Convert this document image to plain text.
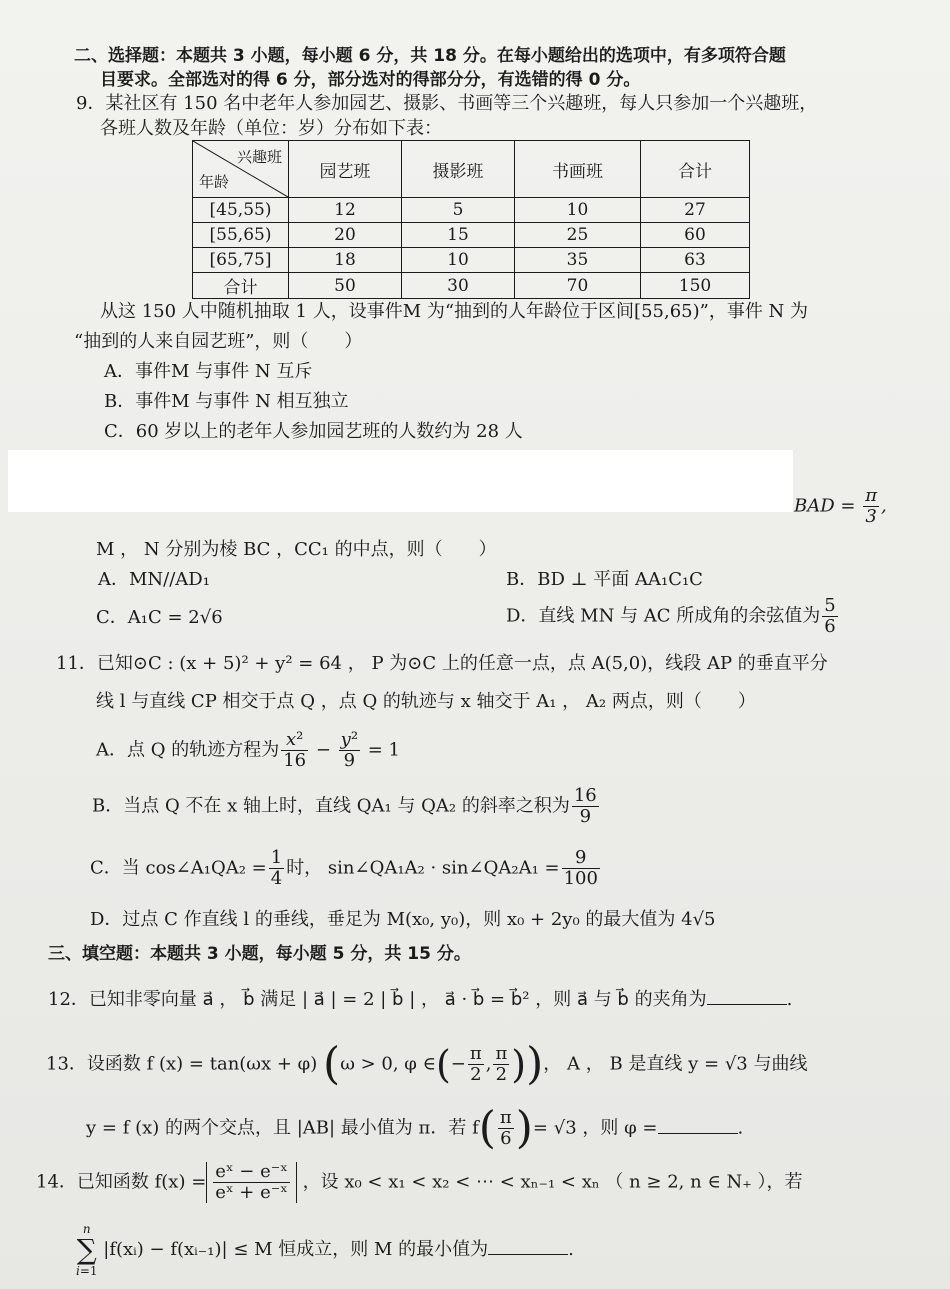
二、选择题：本题共 3 小题，每小题 6 分，共 18 分。在每小题给出的选项中，有多项符合题
目要求。全部选对的得 6 分，部分选对的得部分分，有选错的得 0 分。
9．某社区有 150 名中老年人参加园艺、摄影、书画等三个兴趣班，每人只参加一个兴趣班，
各班人数及年龄（单位：岁）分布如下表：
兴趣班
年龄	园艺班	摄影班	书画班	合计
[45,55)	12	5	10	27
[55,65)	20	15	25	60
[65,75]	18	10	35	63
合计	50	30	70	150
从这 150 人中随机抽取 1 人，设事件M 为“抽到的人年龄位于区间[55,65)”，事件 N 为
“抽到的人来自园艺班”，则（　　）
A．事件M 与事件 N 互斥
B．事件M 与事件 N 相互独立
C．60 岁以上的老年人参加园艺班的人数约为 28 人
BAD = $\frac{\pi}{3}$ ,
M ， N 分别为棱 BC ，CC₁ 的中点，则（　　）
A．MN//AD₁	B．BD ⊥ 平面 AA₁C₁C
C．A₁C = 2√6	D．直线 MN 与 AC 所成角的余弦值为 $\frac{5}{6}$
11．已知⊙C : (x + 5)² + y² = 64 ， P 为⊙C 上的任意一点，点 A(5,0)，线段 AP 的垂直平分
线 l 与直线 CP 相交于点 Q ，点 Q 的轨迹与 x 轴交于 A₁ ， A₂ 两点，则（　　）
A．点 Q 的轨迹方程为 $\frac{\text{x²}}{16} - \frac{\text{y²}}{9} = 1$
B．当点 Q 不在 x 轴上时，直线 QA₁ 与 QA₂ 的斜率之积为 $\frac{16}{9}$
C．当 cos∠A₁QA₂ = $\frac{1}{4}$ 时， sin∠QA₁A₂ · sin∠QA₂A₁ = $\frac{9}{100}$
D．过点 C 作直线 l 的垂线，垂足为 M(x₀, y₀)，则 x₀ + 2y₀ 的最大值为 4√5
三、填空题：本题共 3 小题，每小题 5 分，共 15 分。
12．已知非零向量 a⃗ ， b⃗ 满足 | a⃗ | = 2 | b⃗ | ， a⃗ · b⃗ = b⃗² ，则 a⃗ 与 b⃗ 的夹角为	.
13．设函数 f (x) = tan(ωx + φ) (ω > 0, φ ∈(− $\frac{\pi}{2}$ , $\frac{\pi}{2}$ ))， A ， B 是直线 y = √3 与曲线
y = f (x) 的两个交点，且 |AB| 最小值为 π．若 $f( \frac{\pi}{6}$ )= √3 ，则 φ =	.
14．已知函数 $f(x) = \frac{\text{eˣ − e⁻ˣ}}{\text{eˣ + e⁻ˣ}}$ ，设 x₀ < x₁ < x₂ < ⋯ < xₙ₋₁ < xₙ （ n ≥ 2, n ∈ N₊ ），若
n
∑
i=1
|f(xᵢ) − f(xᵢ₋₁)| ≤ M 恒成立，则 M 的最小值为	.
